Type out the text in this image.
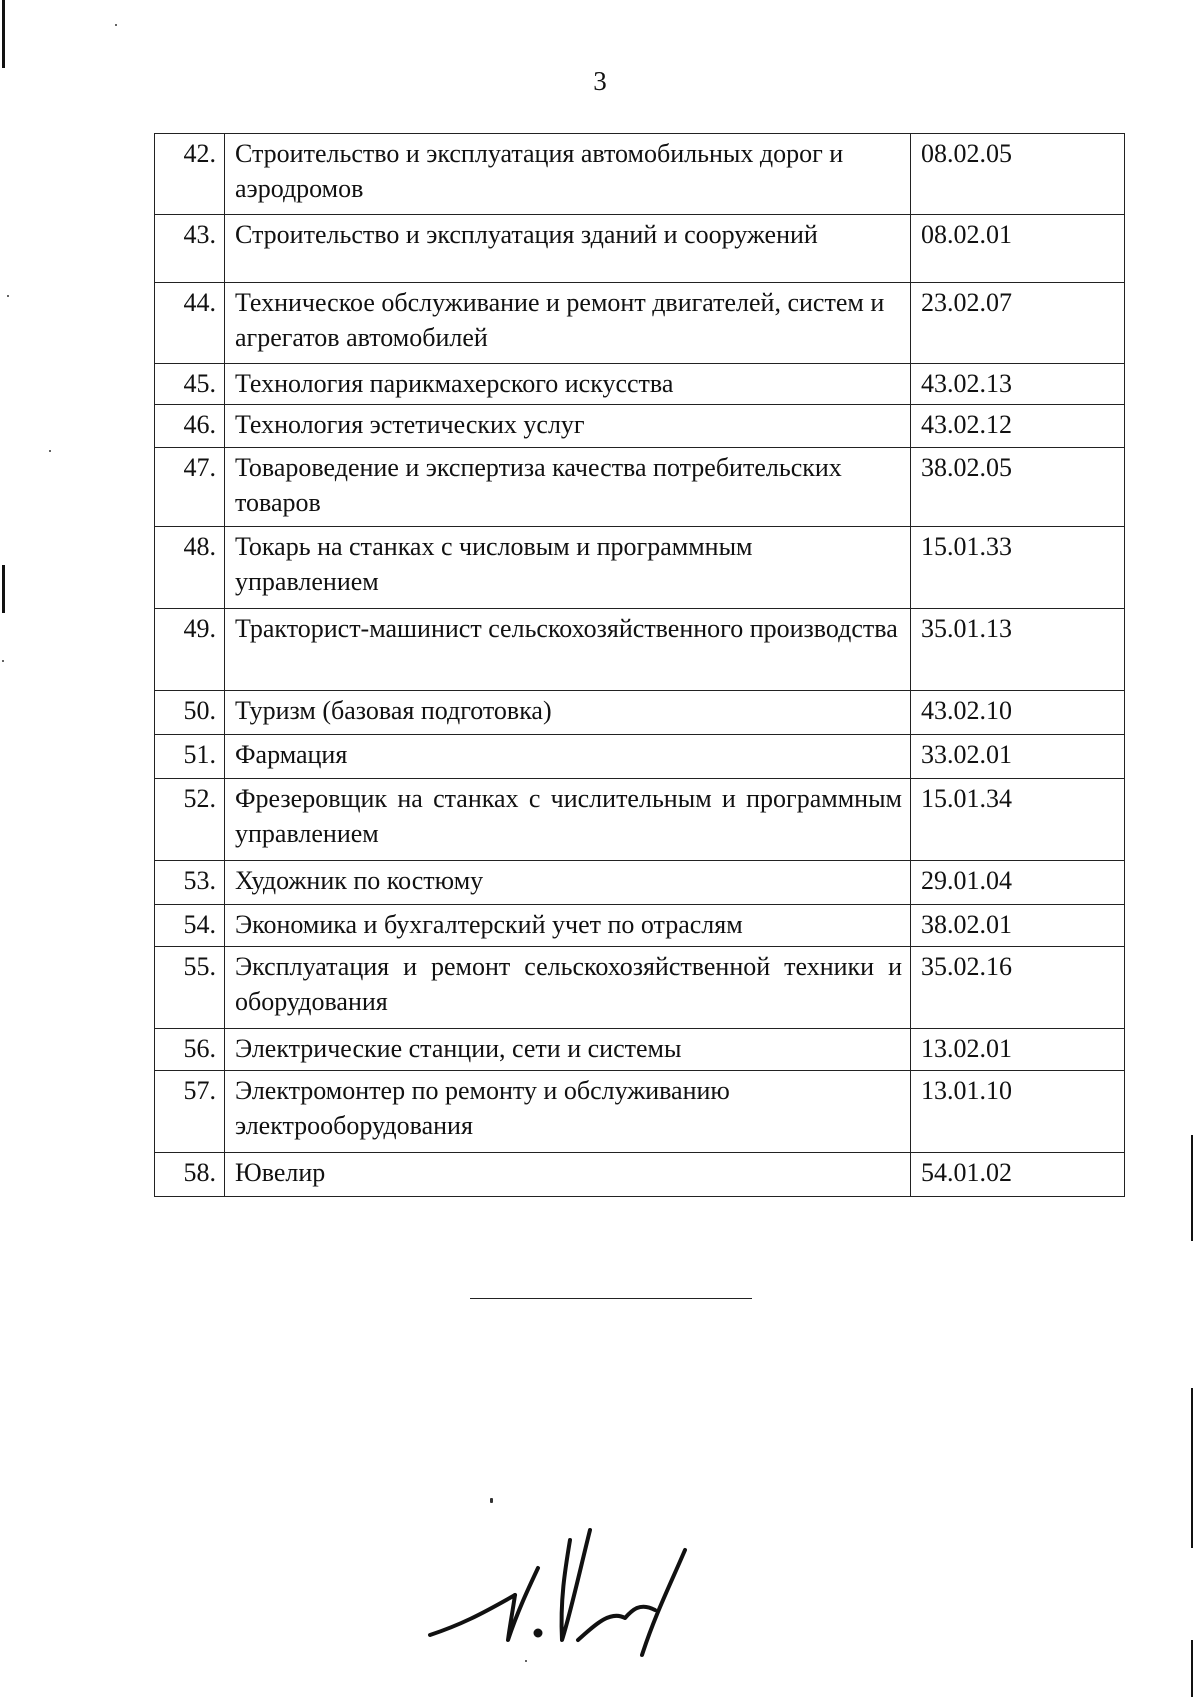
3
42.	Строительство и эксплуатация автомобильных дорог и аэродромов	08.02.05
43.	Строительство и эксплуатация зданий и сооружений	08.02.01
44.	Техническое обслуживание и ремонт двигателей, систем и агрегатов автомобилей	23.02.07
45.	Технология парикмахерского искусства	43.02.13
46.	Технология эстетических услуг	43.02.12
47.	Товароведение и экспертиза качества потребительских товаров	38.02.05
48.	Токарь на станках с числовым и программным управлением	15.01.33
49.	Тракторист-машинист сельскохозяйственного производства	35.01.13
50.	Туризм (базовая подготовка)	43.02.10
51.	Фармация	33.02.01
52.	Фрезеровщик на станках с числительным и программным управлением	15.01.34
53.	Художник по костюму	29.01.04
54.	Экономика и бухгалтерский учет по отраслям	38.02.01
55.	Эксплуатация и ремонт сельскохозяйственной техники и оборудования	35.02.16
56.	Электрические станции, сети и системы	13.02.01
57.	Электромонтер по ремонту и обслуживанию электрооборудования	13.01.10
58.	Ювелир	54.01.02
